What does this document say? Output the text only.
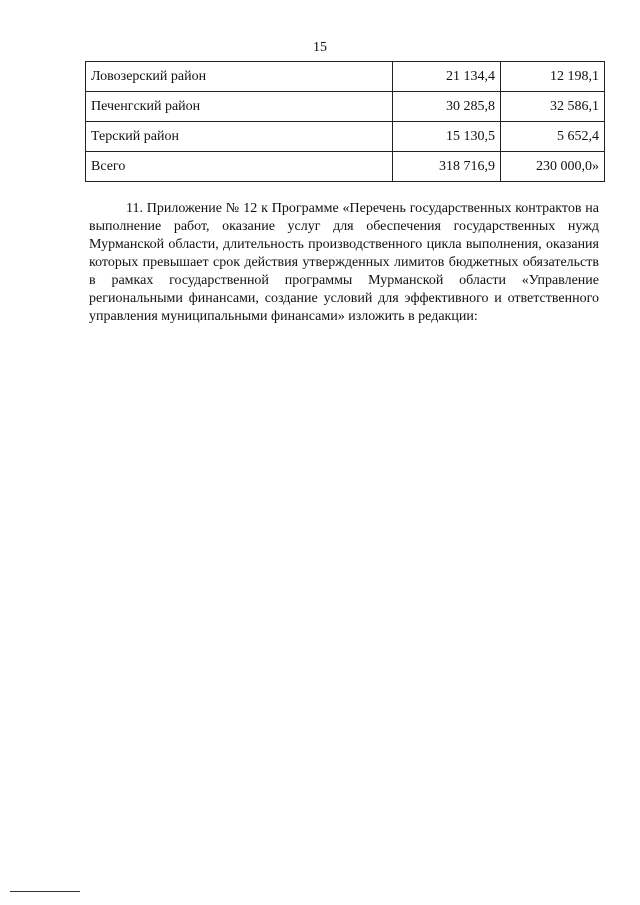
15
Ловозерский район	21 134,4	12 198,1
Печенгский район	30 285,8	32 586,1
Терский район	15 130,5	5 652,4
Всего	318 716,9	230 000,0»

11. Приложение № 12 к Программе «Перечень государственных контрактов на выполнение работ, оказание услуг для обеспечения государственных нужд Мурманской области, длительность производственного цикла выполнения, оказания которых превышает срок действия утвержденных лимитов бюджетных обязательств в рамках государственной программы Мурманской области «Управление региональными финансами, создание условий для эффективного и ответственного управления муниципальными финансами» изложить в редакции:
